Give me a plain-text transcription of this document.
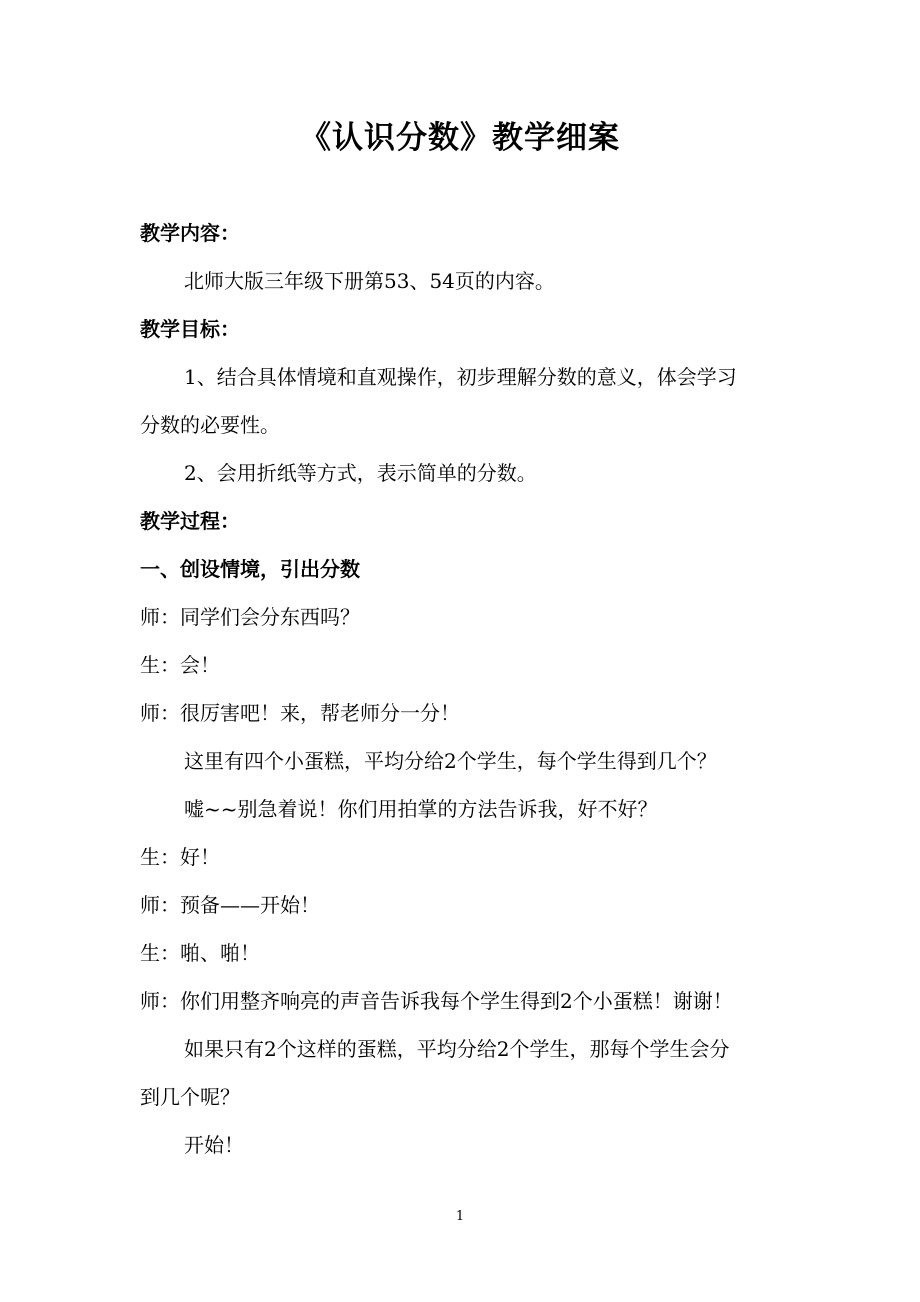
《认识分数》教学细案
教学内容：
北师大版三年级下册第53、54页的内容。
教学目标：
1、结合具体情境和直观操作，初步理解分数的意义，体会学习
分数的必要性。
2、会用折纸等方式，表示简单的分数。
教学过程：
一、创设情境，引出分数
师：同学们会分东西吗？
生：会！
师：很厉害吧！来，帮老师分一分！
这里有四个小蛋糕，平均分给2个学生，每个学生得到几个？
嘘~~别急着说！你们用拍掌的方法告诉我，好不好？
生：好！
师：预备——开始！
生：啪、啪！
师：你们用整齐响亮的声音告诉我每个学生得到2个小蛋糕！谢谢！
如果只有2个这样的蛋糕，平均分给2个学生，那每个学生会分
到几个呢？
开始！
1
